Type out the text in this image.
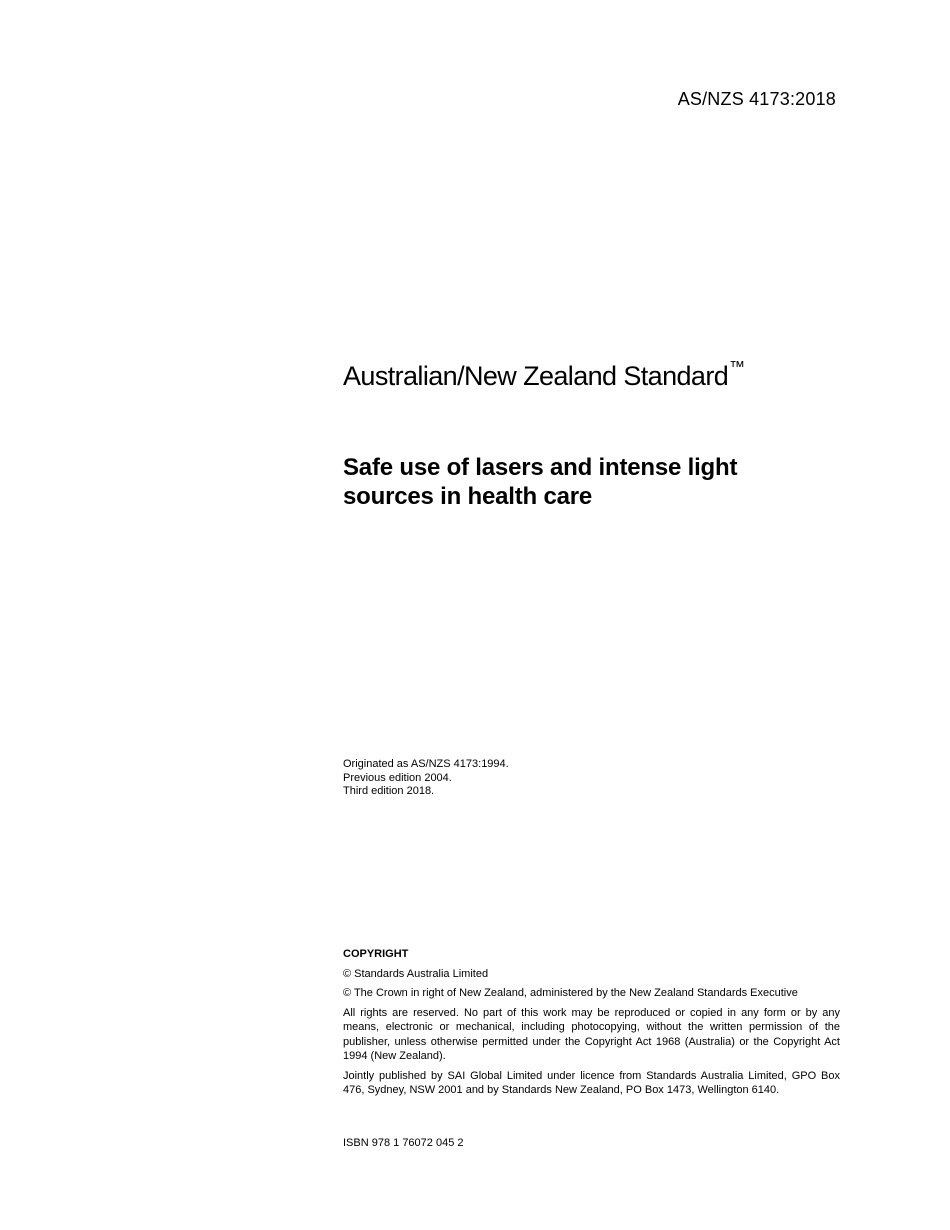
AS/NZS 4173:2018
Australian/New Zealand Standard™
Safe use of lasers and intense light
sources in health care
Originated as AS/NZS 4173:1994.
Previous edition 2004.
Third edition 2018.
COPYRIGHT

© Standards Australia Limited

© The Crown in right of New Zealand, administered by the New Zealand Standards Executive

All rights are reserved. No part of this work may be reproduced or copied in any form or by any means, electronic or mechanical, including photocopying, without the written permission of the publisher, unless otherwise permitted under the Copyright Act 1968 (Australia) or the Copyright Act 1994 (New Zealand).

Jointly published by SAI Global Limited under licence from Standards Australia Limited, GPO Box 476, Sydney, NSW 2001 and by Standards New Zealand, PO Box 1473, Wellington 6140.

ISBN 978 1 76072 045 2
